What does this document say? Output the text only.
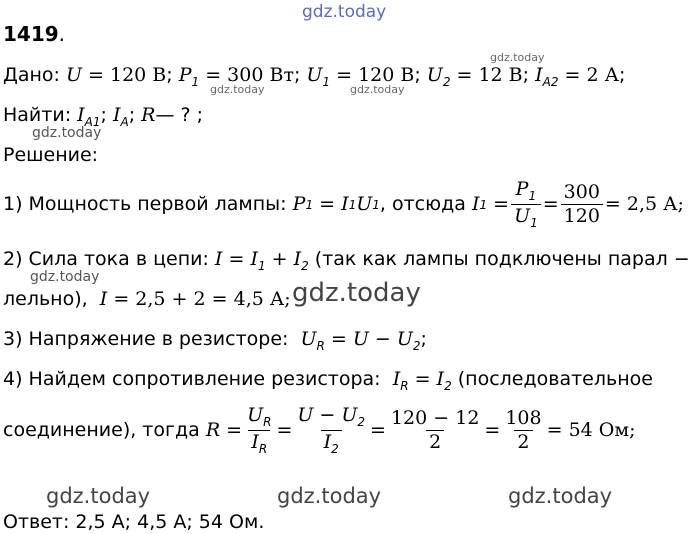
gdz.today
1419.
Дано: U = 120 В; $P_1 = 300$ Вт; $U_1 = 120$ В; $U_2 = 12$ В; $I_{A2} = 2$ А;
gdz.today
gdz.today	gdz.today
Найти: $I_{A1}$; $I_A$; R— ? ;
gdz.today
Решение:
1) Мощность первой лампы:
P 1 = I 1 U 1 , отсюда
I $1 = \frac{P_1}{U_1} = \frac{300}{120} = 2,5$ А;
2) Сила тока в цепи: $I = I_1 + I_2$ (так как лампы подключены парал −
gdz.today
лельно), I = 2,5 + 2 = 4,5 А; gdz.today
3) Напряжение в резисторе: $U_R = U - U_2$;
4) Найдем сопротивление резистора: $I_R = I_2$ (последовательное
соединение), тогда
$R = \frac{U_R}{I_R} = \frac{U - U_2}{I_2} = \frac{120 - 12}{2} = \frac{108}{2} = 54$ Ом;
gdz.today	gdz.today	gdz.today
Ответ: 2,5 А; 4,5 А; 54 Ом.
